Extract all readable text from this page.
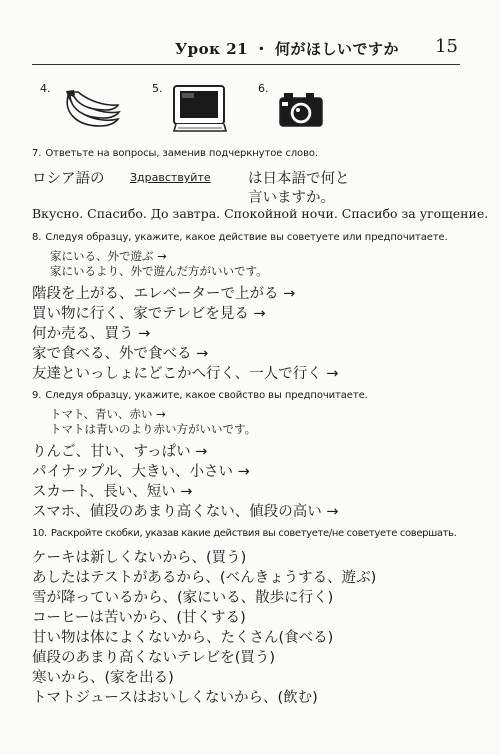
Урок 21 ・ 何がほしいですか 15
4.	5.	6.
7. Ответьте на вопросы, заменив подчеркнутое слово.
ロシア語の Здравствуйте	は日本語で何と
言いますか。
Вкусно. Спасибо. До завтра. Спокойной ночи. Спасибо за угощение.
8. Следуя образцу, укажите, какое действие вы советуете или предпочитаете.
家にいる、外で遊ぶ →
家にいるより、外で遊んだ方がいいです。
階段を上がる、エレベーターで上がる →
買い物に行く、家でテレビを見る →
何か売る、買う →
家で食べる、外で食べる →
友達といっしょにどこかへ行く、一人で行く →
9. Следуя образцу, укажите, какое свойство вы предпочитаете.
トマト、青い、赤い →
トマトは青いのより赤い方がいいです。
りんご、甘い、すっぱい →
パイナップル、大きい、小さい →
スカート、長い、短い →
スマホ、値段のあまり高くない、値段の高い →
10. Раскройте скобки, указав какие действия вы советуете/не советуете совершать.
ケーキは新しくないから、(買う)
あしたはテストがあるから、(べんきょうする、遊ぶ)
雪が降っているから、(家にいる、散歩に行く)
コーヒーは苦いから、(甘くする)
甘い物は体によくないから、たくさん(食べる)
値段のあまり高くないテレビを(買う)
寒いから、(家を出る)
トマトジュースはおいしくないから、(飲む)
